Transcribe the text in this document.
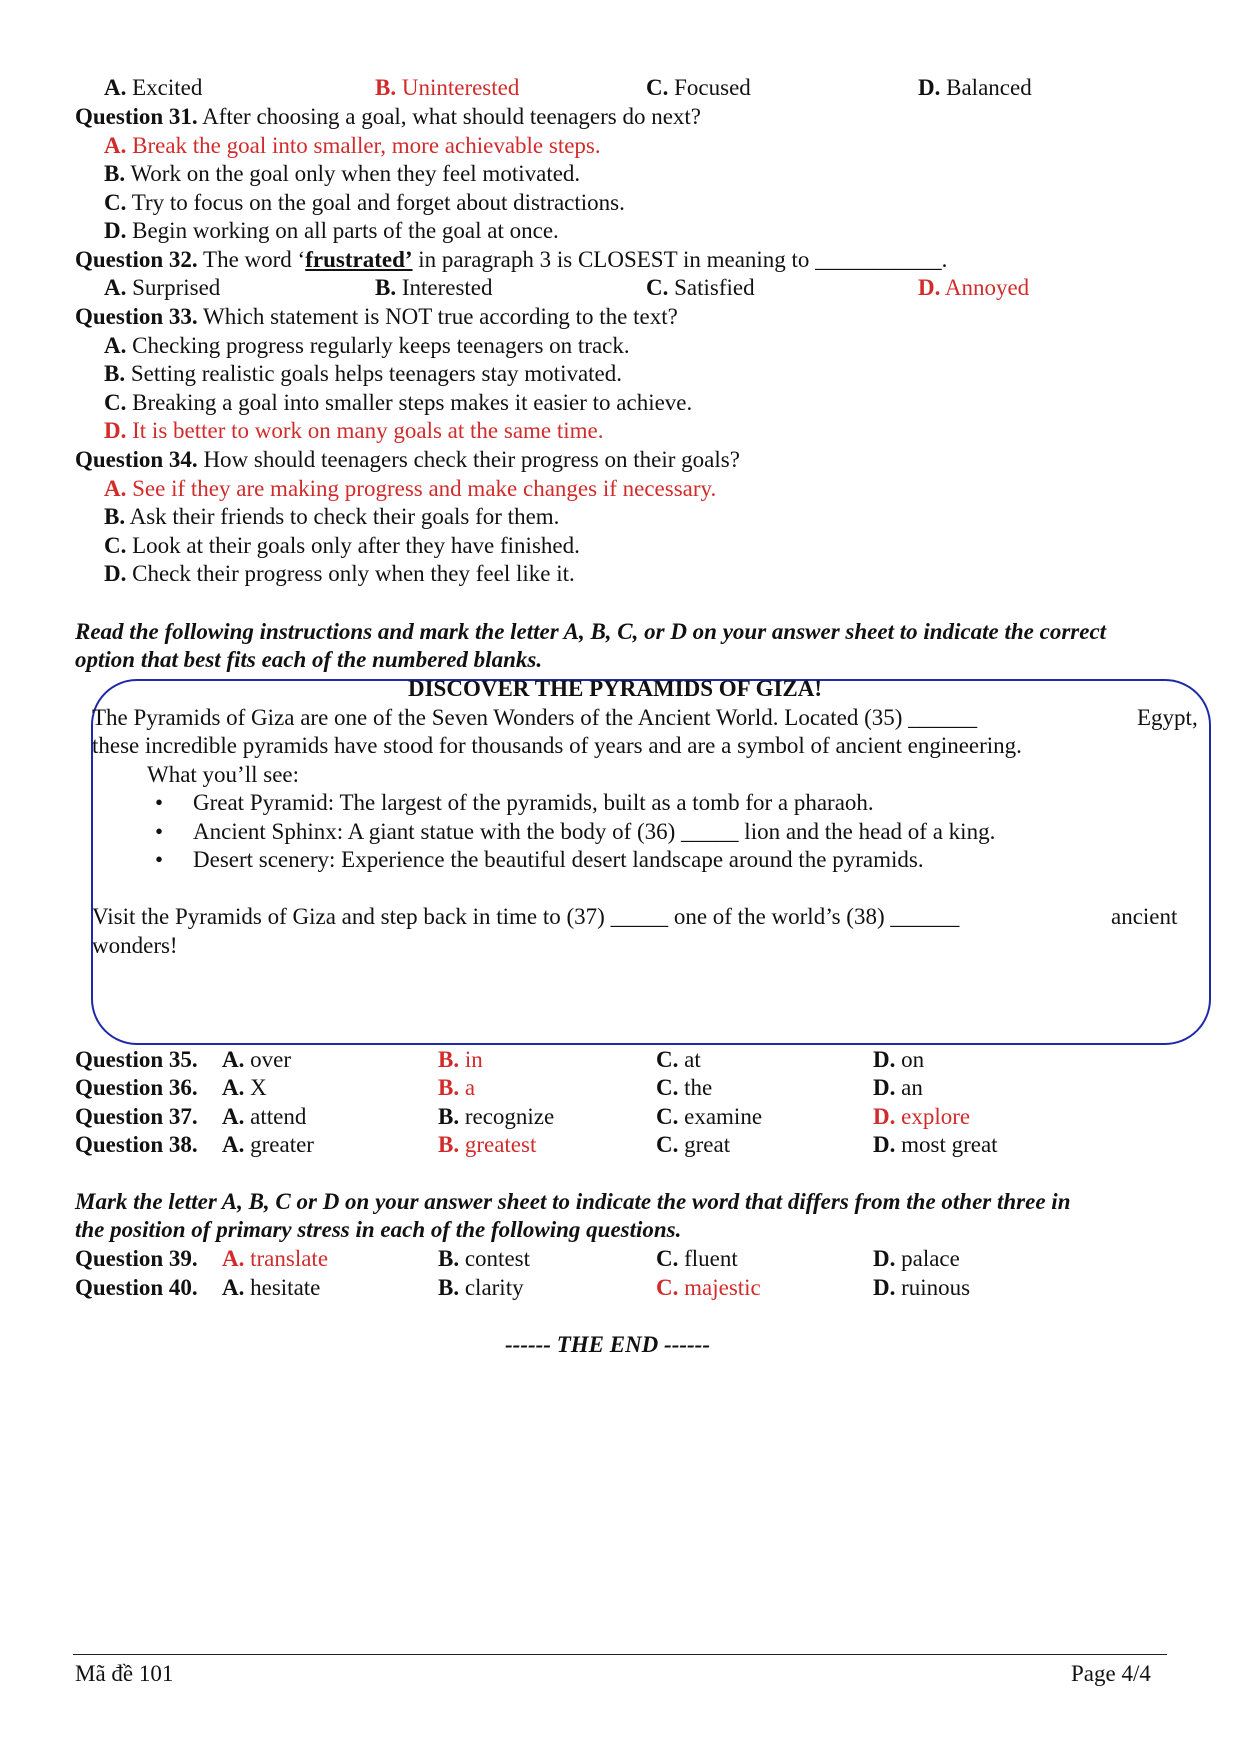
A. Excited	B. Uninterested	C. Focused	D. Balanced
Question 31. After choosing a goal, what should teenagers do next?
A. Break the goal into smaller, more achievable steps.
B. Work on the goal only when they feel motivated.
C. Try to focus on the goal and forget about distractions.
D. Begin working on all parts of the goal at once.
Question 32. The word ‘frustrated’ in paragraph 3 is CLOSEST in meaning to ___________.
A. Surprised	B. Interested	C. Satisfied	D. Annoyed
Question 33. Which statement is NOT true according to the text?
A. Checking progress regularly keeps teenagers on track.
B. Setting realistic goals helps teenagers stay motivated.
C. Breaking a goal into smaller steps makes it easier to achieve.
D. It is better to work on many goals at the same time.
Question 34. How should teenagers check their progress on their goals?
A. See if they are making progress and make changes if necessary.
B. Ask their friends to check their goals for them.
C. Look at their goals only after they have finished.
D. Check their progress only when they feel like it.
Read the following instructions and mark the letter A, B, C, or D on your answer sheet to indicate the correct
option that best fits each of the numbered blanks.
DISCOVER THE PYRAMIDS OF GIZA!
The Pyramids of Giza are one of the Seven Wonders of the Ancient World. Located (35) ______	Egypt,
these incredible pyramids have stood for thousands of years and are a symbol of ancient engineering.
What you’ll see:
• Great Pyramid: The largest of the pyramids, built as a tomb for a pharaoh.
• Ancient Sphinx: A giant statue with the body of (36) _____ lion and the head of a king.
• Desert scenery: Experience the beautiful desert landscape around the pyramids.
Visit the Pyramids of Giza and step back in time to (37) _____ one of the world’s (38) ______	ancient
wonders!
Question 35. A. over	B. in	C. at	D. on
Question 36. A. X	B. a	C. the	D. an
Question 37. A. attend	B. recognize	C. examine	D. explore
Question 38. A. greater	B. greatest	C. great	D. most great
Mark the letter A, B, C or D on your answer sheet to indicate the word that differs from the other three in
the position of primary stress in each of the following questions.
Question 39. A. translate	B. contest	C. fluent	D. palace
Question 40. A. hesitate	B. clarity	C. majestic	D. ruinous
------ THE END ------
Mã đề 101	Page 4/4
